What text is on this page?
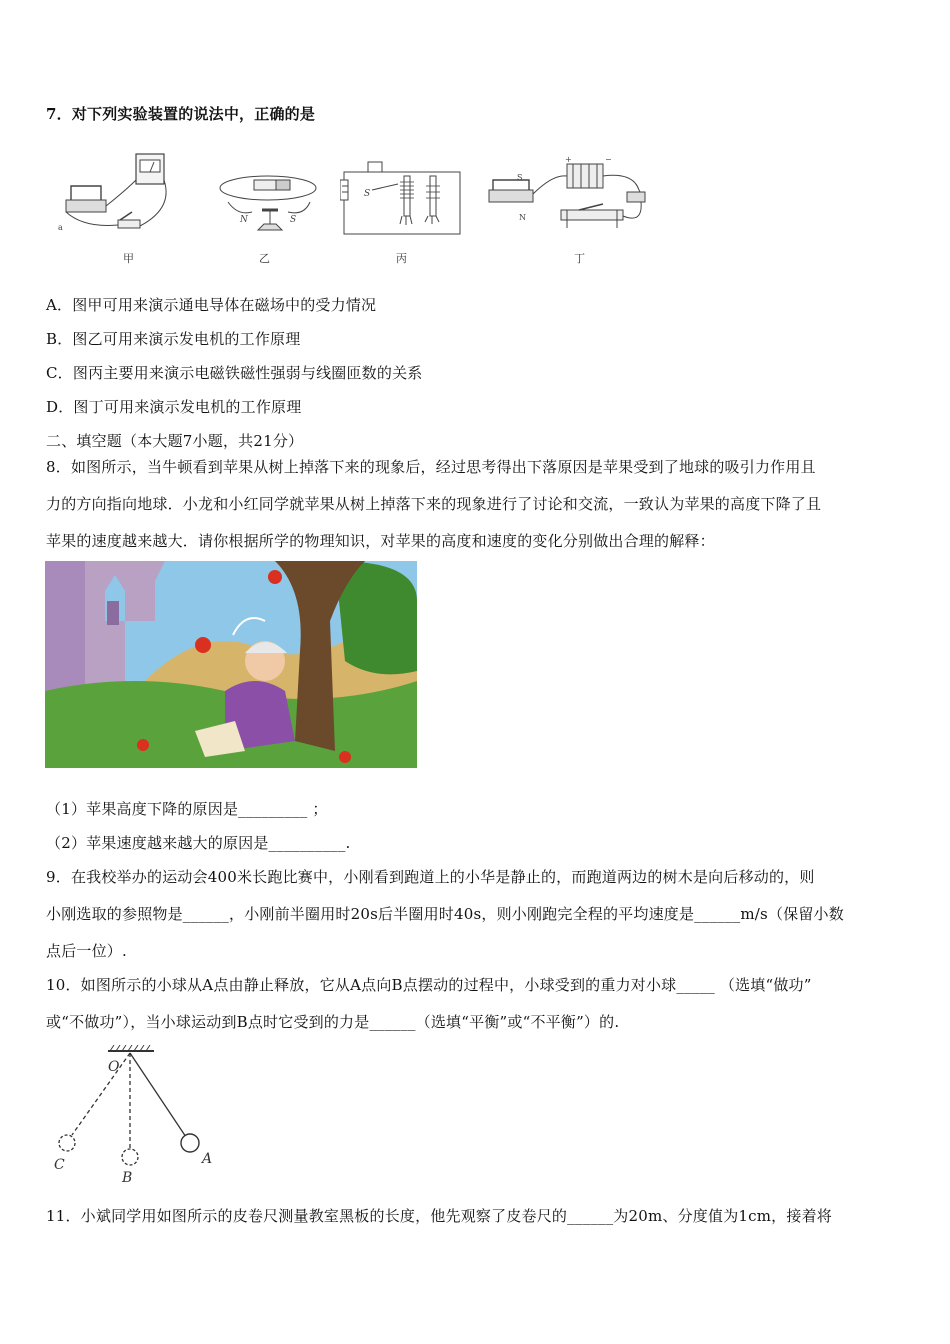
7．对下列实验装置的说法中，正确的是
a
甲
N	S
乙
S
丙
+	−
S
N
丁
A．图甲可用来演示通电导体在磁场中的受力情况
B．图乙可用来演示发电机的工作原理
C．图丙主要用来演示电磁铁磁性强弱与线圈匝数的关系
D．图丁可用来演示发电机的工作原理
二、填空题（本大题7小题，共21分）
8．如图所示，当牛顿看到苹果从树上掉落下来的现象后，经过思考得出下落原因是苹果受到了地球的吸引力作用且
力的方向指向地球．小龙和小红同学就苹果从树上掉落下来的现象进行了讨论和交流，一致认为苹果的高度下降了且
苹果的速度越来越大．请你根据所学的物理知识，对苹果的高度和速度的变化分别做出合理的解释：
（1）苹果高度下降的原因是_________ ；
（2）苹果速度越来越大的原因是__________.
9．在我校举办的运动会400米长跑比赛中，小刚看到跑道上的小华是静止的，而跑道两边的树木是向后移动的，则
小刚选取的参照物是______，小刚前半圈用时20s后半圈用时40s，则小刚跑完全程的平均速度是______m/s（保留小数
点后一位）.
10．如图所示的小球从A点由静止释放，它从A点向B点摆动的过程中，小球受到的重力对小球_____ （选填“做功”
或“不做功”），当小球运动到B点时它受到的力是______（选填“平衡”或“不平衡”）的.
O
A
B
C
11．小斌同学用如图所示的皮卷尺测量教室黑板的长度，他先观察了皮卷尺的______为20m、分度值为1cm，接着将
